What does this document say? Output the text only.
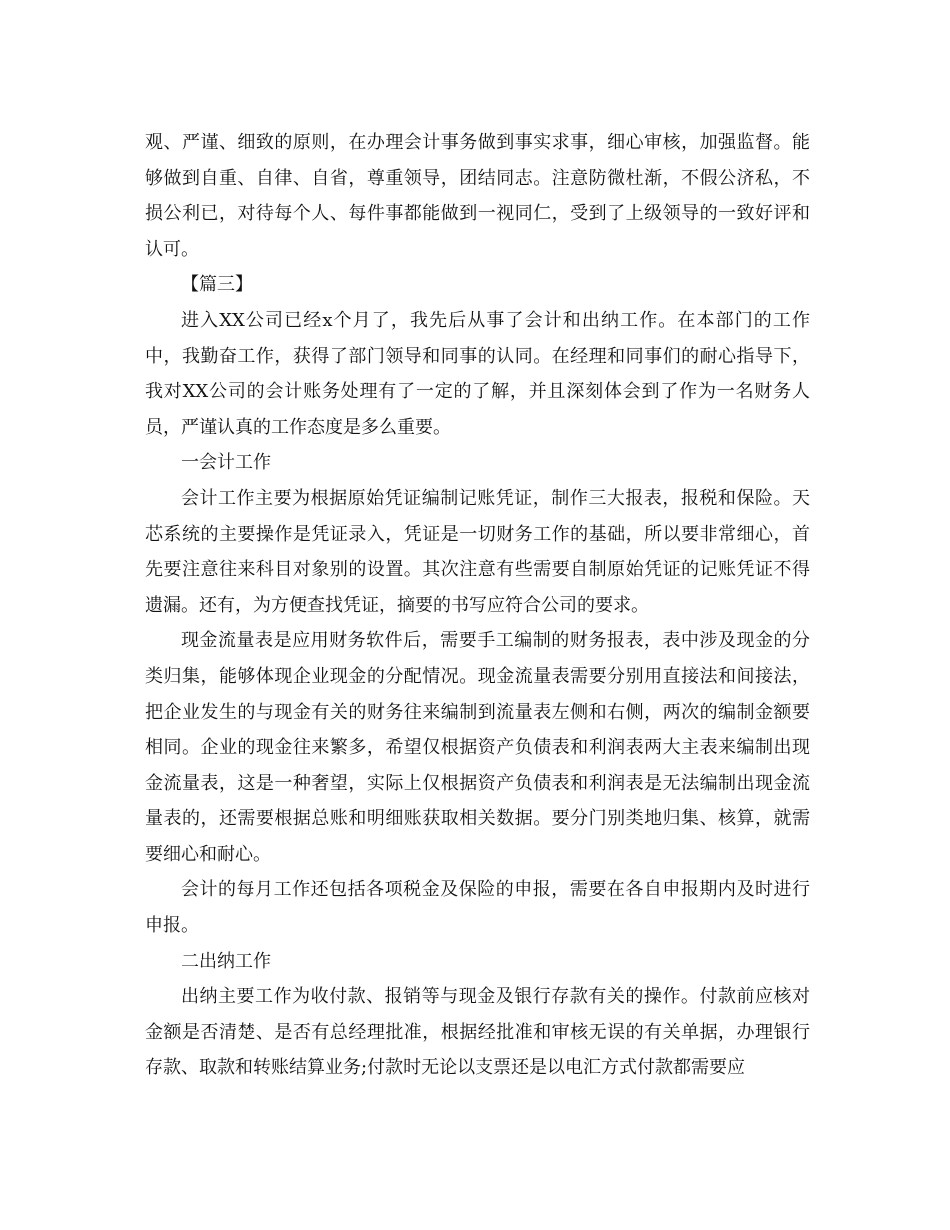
观、严谨、细致的原则，在办理会计事务做到事实求事，细心审核，加强监督。能够做到自重、自律、自省，尊重领导，团结同志。注意防微杜渐，不假公济私，不损公利已，对待每个人、每件事都能做到一视同仁，受到了上级领导的一致好评和认可。

【篇三】

进入XX公司已经x个月了，我先后从事了会计和出纳工作。在本部门的工作中，我勤奋工作，获得了部门领导和同事的认同。在经理和同事们的耐心指导下，我对XX公司的会计账务处理有了一定的了解，并且深刻体会到了作为一名财务人员，严谨认真的工作态度是多么重要。

一会计工作

会计工作主要为根据原始凭证编制记账凭证，制作三大报表，报税和保险。天芯系统的主要操作是凭证录入，凭证是一切财务工作的基础，所以要非常细心，首先要注意往来科目对象别的设置。其次注意有些需要自制原始凭证的记账凭证不得遗漏。还有，为方便查找凭证，摘要的书写应符合公司的要求。

现金流量表是应用财务软件后，需要手工编制的财务报表，表中涉及现金的分类归集，能够体现企业现金的分配情况。现金流量表需要分别用直接法和间接法，把企业发生的与现金有关的财务往来编制到流量表左侧和右侧，两次的编制金额要相同。企业的现金往来繁多，希望仅根据资产负债表和利润表两大主表来编制出现金流量表，这是一种奢望，实际上仅根据资产负债表和利润表是无法编制出现金流量表的，还需要根据总账和明细账获取相关数据。要分门别类地归集、核算，就需要细心和耐心。

会计的每月工作还包括各项税金及保险的申报，需要在各自申报期内及时进行申报。

二出纳工作

出纳主要工作为收付款、报销等与现金及银行存款有关的操作。付款前应核对金额是否清楚、是否有总经理批准，根据经批准和审核无误的有关单据，办理银行存款、取款和转账结算业务;付款时无论以支票还是以电汇方式付款都需要应
